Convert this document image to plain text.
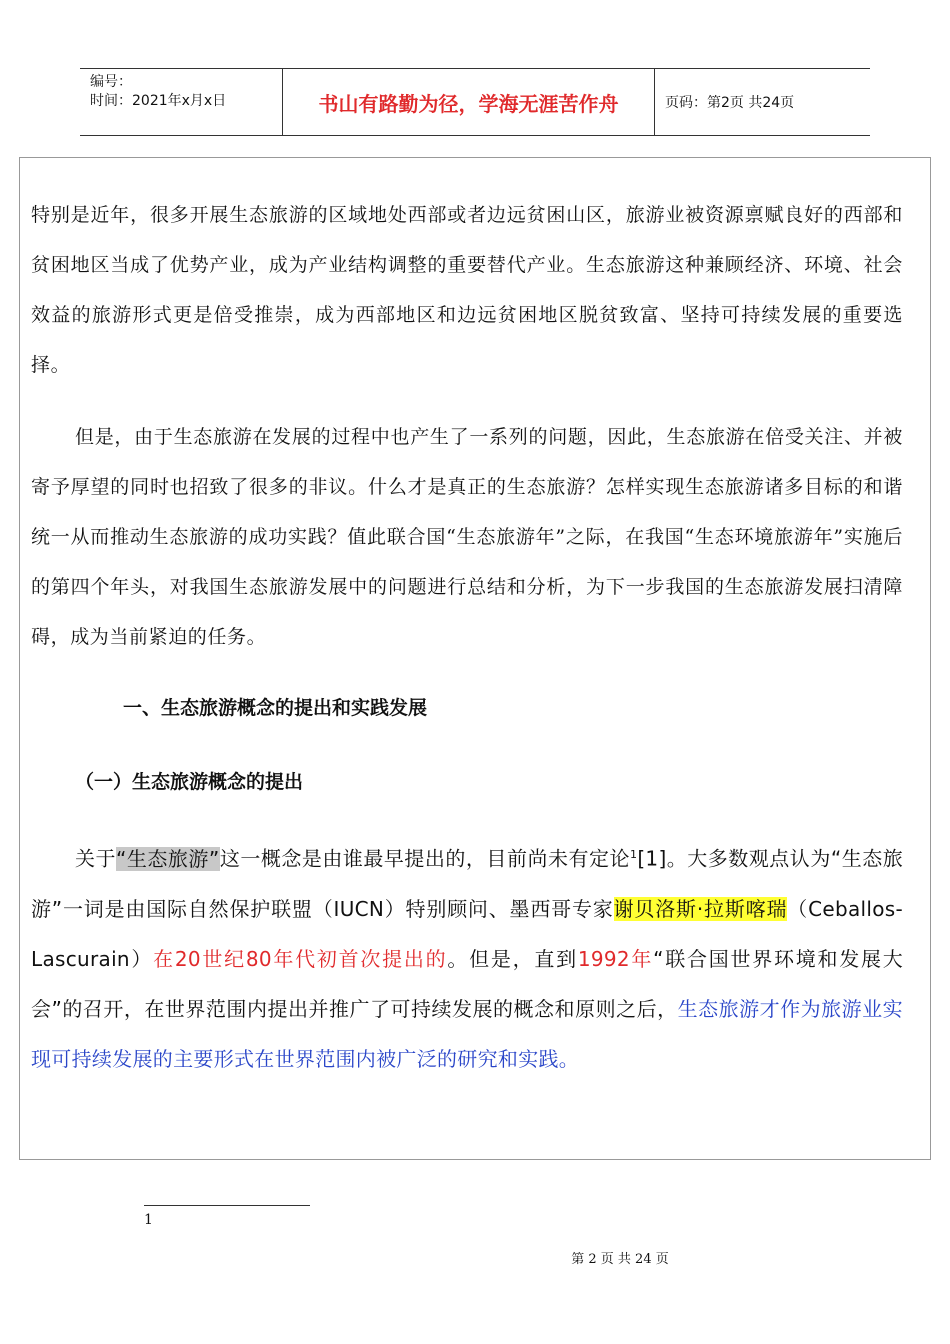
编号：
时间：2021年x月x日	书山有路勤为径，学海无涯苦作舟	页码：第2页 共24页

特别是近年，很多开展生态旅游的区域地处西部或者边远贫困山区，旅游业被资源禀赋良好的西部和贫困地区当成了优势产业，成为产业结构调整的重要替代产业。生态旅游这种兼顾经济、环境、社会效益的旅游形式更是倍受推崇，成为西部地区和边远贫困地区脱贫致富、坚持可持续发展的重要选择。

但是，由于生态旅游在发展的过程中也产生了一系列的问题，因此，生态旅游在倍受关注、并被寄予厚望的同时也招致了很多的非议。什么才是真正的生态旅游？怎样实现生态旅游诸多目标的和谐统一从而推动生态旅游的成功实践？值此联合国“生态旅游年”之际，在我国“生态环境旅游年”实施后的第四个年头，对我国生态旅游发展中的问题进行总结和分析，为下一步我国的生态旅游发展扫清障碍，成为当前紧迫的任务。

一、生态旅游概念的提出和实践发展
（一）生态旅游概念的提出

关于“生态旅游”这一概念是由谁最早提出的，目前尚未有定论$^1$[1]。大多数观点认为“生态旅游”一词是由国际自然保护联盟（IUCN）特别顾问、墨西哥专家谢贝洛斯·拉斯喀瑞（Ceballos-Lascurain）在20世纪80年代初首次提出的。但是，直到1992年“联合国世界环境和发展大会”的召开，在世界范围内提出并推广了可持续发展的概念和原则之后，生态旅游才作为旅游业实现可持续发展的主要形式在世界范围内被广泛的研究和实践。

1
第 2 页 共 24 页
